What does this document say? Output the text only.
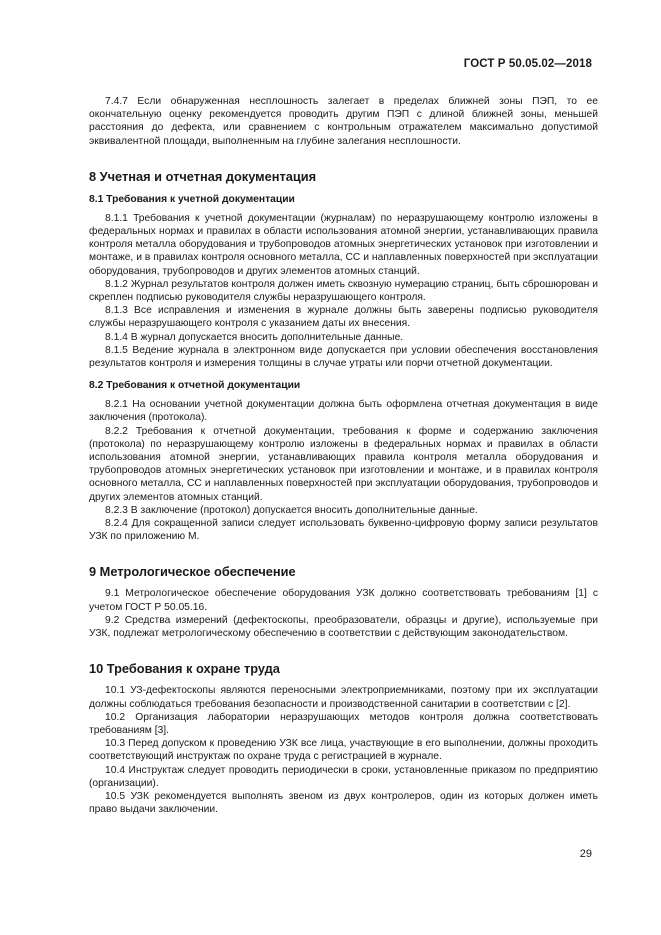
ГОСТ Р 50.05.02—2018

7.4.7 Если обнаруженная несплошность залегает в пределах ближней зоны ПЭП, то ее окончательную оценку рекомендуется проводить другим ПЭП с длиной ближней зоны, меньшей расстояния до дефекта, или сравнением с контрольным отражателем максимально допустимой эквивалентной площади, выполненным на глубине залегания несплошности.

8 Учетная и отчетная документация
8.1 Требования к учетной документации

8.1.1 Требования к учетной документации (журналам) по неразрушающему контролю изложены в федеральных нормах и правилах в области использования атомной энергии, устанавливающих правила контроля металла оборудования и трубопроводов атомных энергетических установок при изготовлении и монтаже, и в правилах контроля основного металла, СС и наплавленных поверхностей при эксплуатации оборудования, трубопроводов и других элементов атомных станций.

8.1.2 Журнал результатов контроля должен иметь сквозную нумерацию страниц, быть сброшюрован и скреплен подписью руководителя службы неразрушающего контроля.

8.1.3 Все исправления и изменения в журнале должны быть заверены подписью руководителя службы неразрушающего контроля с указанием даты их внесения.

8.1.4 В журнал допускается вносить дополнительные данные.

8.1.5 Ведение журнала в электронном виде допускается при условии обеспечения восстановления результатов контроля и измерения толщины в случае утраты или порчи отчетной документации.

8.2 Требования к отчетной документации

8.2.1 На основании учетной документации должна быть оформлена отчетная документация в виде заключения (протокола).

8.2.2 Требования к отчетной документации, требования к форме и содержанию заключения (протокола) по неразрушающему контролю изложены в федеральных нормах и правилах в области использования атомной энергии, устанавливающих правила контроля металла оборудования и трубопроводов атомных энергетических установок при изготовлении и монтаже, и в правилах контроля основного металла, СС и наплавленных поверхностей при эксплуатации оборудования, трубопроводов и других элементов атомных станций.

8.2.3 В заключение (протокол) допускается вносить дополнительные данные.

8.2.4 Для сокращенной записи следует использовать буквенно-цифровую форму записи результатов УЗК по приложению М.

9 Метрологическое обеспечение

9.1 Метрологическое обеспечение оборудования УЗК должно соответствовать требованиям [1] с учетом ГОСТ Р 50.05.16.

9.2 Средства измерений (дефектоскопы, преобразователи, образцы и другие), используемые при УЗК, подлежат метрологическому обеспечению в соответствии с действующим законодательством.

10 Требования к охране труда

10.1 УЗ-дефектоскопы являются переносными электроприемниками, поэтому при их эксплуатации должны соблюдаться требования безопасности и производственной санитарии в соответствии с [2].

10.2 Организация лаборатории неразрушающих методов контроля должна соответствовать требованиям [3].

10.3 Перед допуском к проведению УЗК все лица, участвующие в его выполнении, должны проходить соответствующий инструктаж по охране труда с регистрацией в журнале.

10.4 Инструктаж следует проводить периодически в сроки, установленные приказом по предприятию (организации).

10.5 УЗК рекомендуется выполнять звеном из двух контролеров, один из которых должен иметь право выдачи заключении.

29
